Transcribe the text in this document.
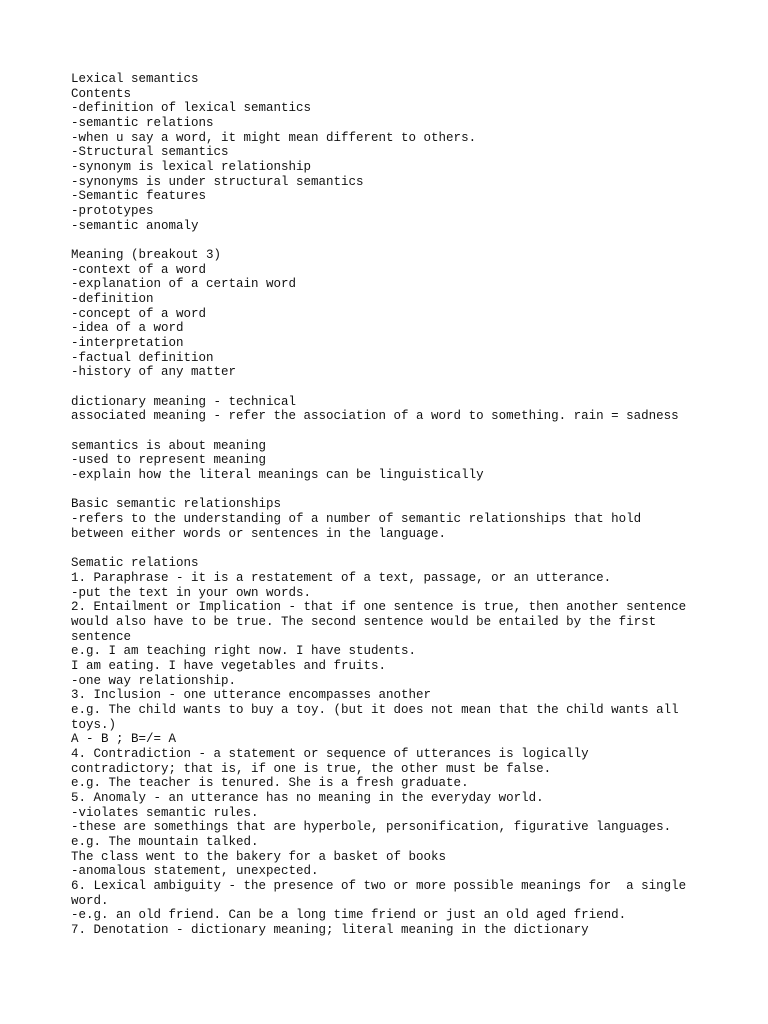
Lexical semantics
Contents
-definition of lexical semantics
-semantic relations
-when u say a word, it might mean different to others.
-Structural semantics
-synonym is lexical relationship
-synonyms is under structural semantics
-Semantic features
-prototypes
-semantic anomaly
Meaning (breakout 3)
-context of a word
-explanation of a certain word
-definition
-concept of a word
-idea of a word
-interpretation
-factual definition
-history of any matter
dictionary meaning - technical
associated meaning - refer the association of a word to something. rain = sadness
semantics is about meaning
-used to represent meaning
-explain how the literal meanings can be linguistically
Basic semantic relationships
-refers to the understanding of a number of semantic relationships that hold
between either words or sentences in the language.
Sematic relations
1. Paraphrase - it is a restatement of a text, passage, or an utterance.
-put the text in your own words.
2. Entailment or Implication - that if one sentence is true, then another sentence
would also have to be true. The second sentence would be entailed by the first
sentence
e.g. I am teaching right now. I have students.
I am eating. I have vegetables and fruits.
-one way relationship.
3. Inclusion - one utterance encompasses another
e.g. The child wants to buy a toy. (but it does not mean that the child wants all
toys.)
A - B ; B=/= A
4. Contradiction - a statement or sequence of utterances is logically
contradictory; that is, if one is true, the other must be false.
e.g. The teacher is tenured. She is a fresh graduate.
5. Anomaly - an utterance has no meaning in the everyday world.
-violates semantic rules.
-these are somethings that are hyperbole, personification, figurative languages.
e.g. The mountain talked.
The class went to the bakery for a basket of books
-anomalous statement, unexpected.
6. Lexical ambiguity - the presence of two or more possible meanings for  a single
word.
-e.g. an old friend. Can be a long time friend or just an old aged friend.
7. Denotation - dictionary meaning; literal meaning in the dictionary
